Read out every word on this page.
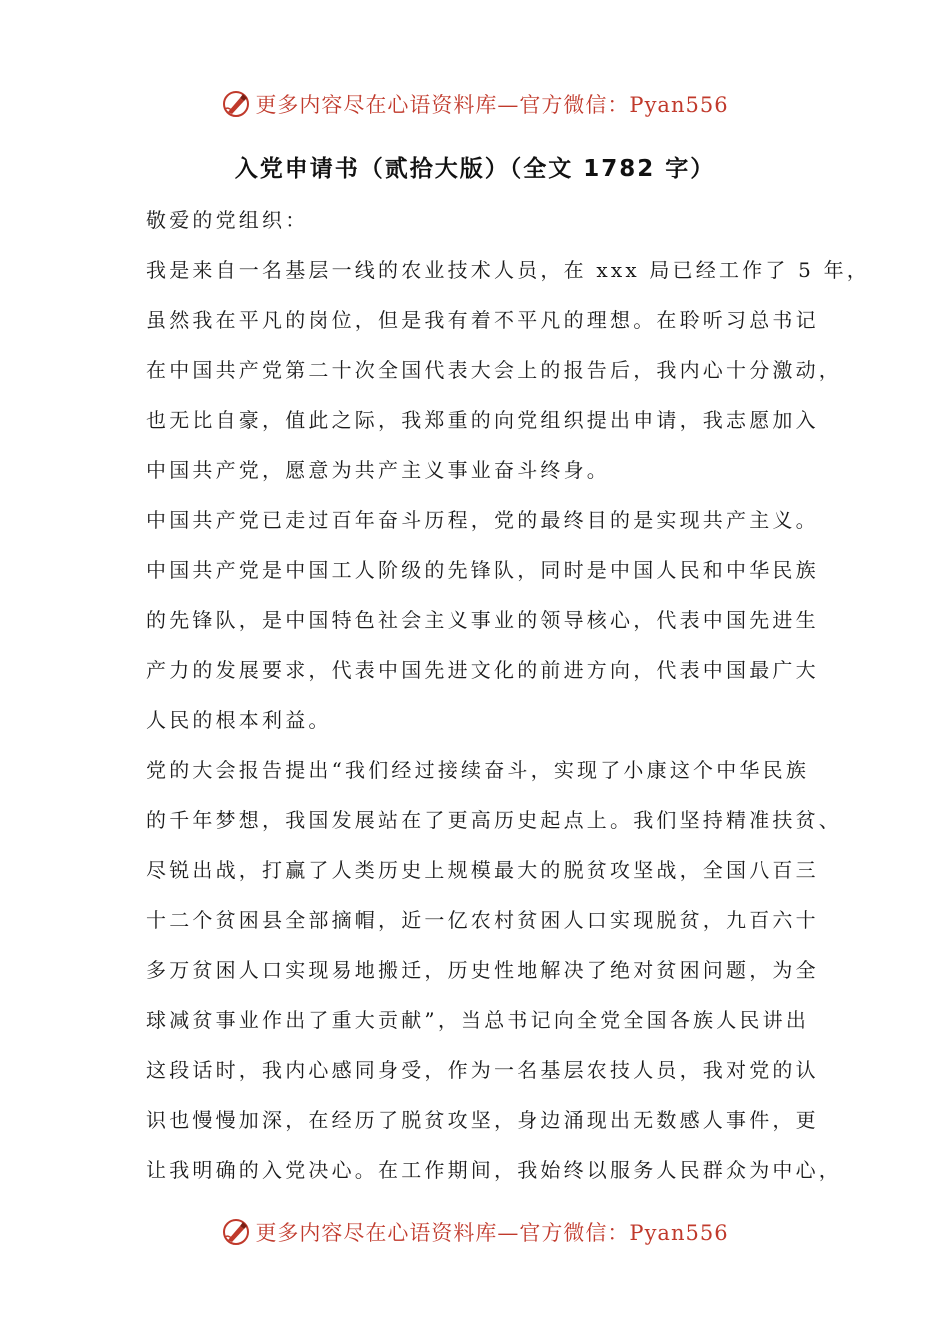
更多内容尽在心语资料库—官方微信：Pyan556
入党申请书（贰拾大版）（全文 1782 字）
敬爱的党组织：
我是来自一名基层一线的农业技术人员，在 xxx 局已经工作了 5 年，
虽然我在平凡的岗位，但是我有着不平凡的理想。在聆听习总书记
在中国共产党第二十次全国代表大会上的报告后，我内心十分激动，
也无比自豪，值此之际，我郑重的向党组织提出申请，我志愿加入
中国共产党，愿意为共产主义事业奋斗终身。
中国共产党已走过百年奋斗历程，党的最终目的是实现共产主义。
中国共产党是中国工人阶级的先锋队，同时是中国人民和中华民族
的先锋队，是中国特色社会主义事业的领导核心，代表中国先进生
产力的发展要求，代表中国先进文化的前进方向，代表中国最广大
人民的根本利益。
党的大会报告提出“我们经过接续奋斗，实现了小康这个中华民族
的千年梦想，我国发展站在了更高历史起点上。我们坚持精准扶贫、
尽锐出战，打赢了人类历史上规模最大的脱贫攻坚战，全国八百三
十二个贫困县全部摘帽，近一亿农村贫困人口实现脱贫，九百六十
多万贫困人口实现易地搬迁，历史性地解决了绝对贫困问题，为全
球减贫事业作出了重大贡献”，当总书记向全党全国各族人民讲出
这段话时，我内心感同身受，作为一名基层农技人员，我对党的认
识也慢慢加深，在经历了脱贫攻坚，身边涌现出无数感人事件，更
让我明确的入党决心。在工作期间，我始终以服务人民群众为中心，
更多内容尽在心语资料库—官方微信：Pyan556
